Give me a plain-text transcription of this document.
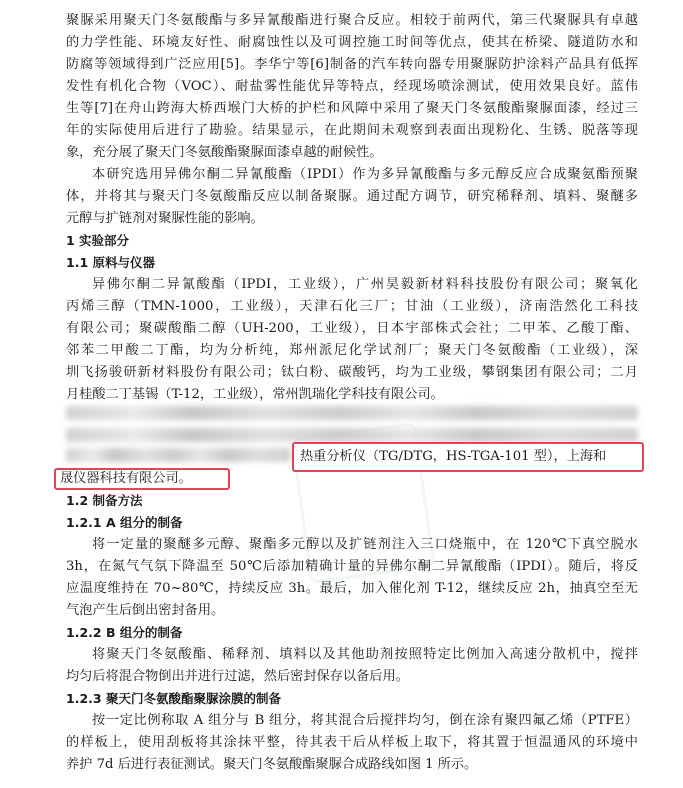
聚脲采用聚天门冬氨酸酯与多异氰酸酯进行聚合反应。相较于前两代，第三代聚脲具有卓越
的力学性能、环境友好性、耐腐蚀性以及可调控施工时间等优点，使其在桥梁、隧道防水和
防腐等领域得到广泛应用[5]。李华宁等[6]制备的汽车转向器专用聚脲防护涂料产品具有低挥
发性有机化合物（VOC）、耐盐雾性能优异等特点，经现场喷涂测试，使用效果良好。蓝伟
生等[7]在舟山跨海大桥西堠门大桥的护栏和风障中采用了聚天门冬氨酸酯聚脲面漆，经过三
年的实际使用后进行了勘验。结果显示，在此期间未观察到表面出现粉化、生锈、脱落等现
象，充分展了聚天门冬氨酸酯聚脲面漆卓越的耐候性。
本研究选用异佛尔酮二异氰酸酯（IPDI）作为多异氰酸酯与多元醇反应合成聚氨酯预聚
体，并将其与聚天门冬氨酸酯反应以制备聚脲。通过配方调节，研究稀释剂、填料、聚醚多
元醇与扩链剂对聚脲性能的影响。
1 实验部分
1.1 原料与仪器
异佛尔酮二异氰酸酯（IPDI，工业级），广州昊毅新材料科技股份有限公司；聚氧化
丙烯三醇（TMN-1000，工业级），天津石化三厂；甘油（工业级），济南浩然化工科技
有限公司；聚碳酸酯二醇（UH-200，工业级），日本宇部株式会社；二甲苯、乙酸丁酯、
邻苯二甲酸二丁酯，均为分析纯，郑州派尼化学试剂厂；聚天门冬氨酸酯（工业级），深
圳飞扬骏研新材料股份有限公司；钛白粉、碳酸钙，均为工业级，攀钢集团有限公司；二月
月桂酸二丁基锡（T-12，工业级），常州凯瑞化学科技有限公司。
热重分析仪（TG/DTG，HS-TGA-101 型），上海和
晟仪器科技有限公司。
1.2 制备方法
1.2.1 A 组分的制备
将一定量的聚醚多元醇、聚酯多元醇以及扩链剂注入三口烧瓶中，在 120℃下真空脱水
3h，在氮气气氛下降温至 50℃后添加精确计量的异佛尔酮二异氰酸酯（IPDI）。随后，将反
应温度维持在 70~80℃，持续反应 3h。最后，加入催化剂 T-12，继续反应 2h，抽真空至无
气泡产生后倒出密封备用。
1.2.2 B 组分的制备
将聚天门冬氨酸酯、稀释剂、填料以及其他助剂按照特定比例加入高速分散机中，搅拌
均匀后将混合物倒出并进行过滤，然后密封保存以备后用。
1.2.3 聚天门冬氨酸酯聚脲涂膜的制备
按一定比例称取 A 组分与 B 组分，将其混合后搅拌均匀，倒在涂有聚四氟乙烯（PTFE）
的样板上，使用刮板将其涂抹平整，待其表干后从样板上取下，将其置于恒温通风的环境中
养护 7d 后进行表征测试。聚天门冬氨酸酯聚脲合成路线如图 1 所示。
